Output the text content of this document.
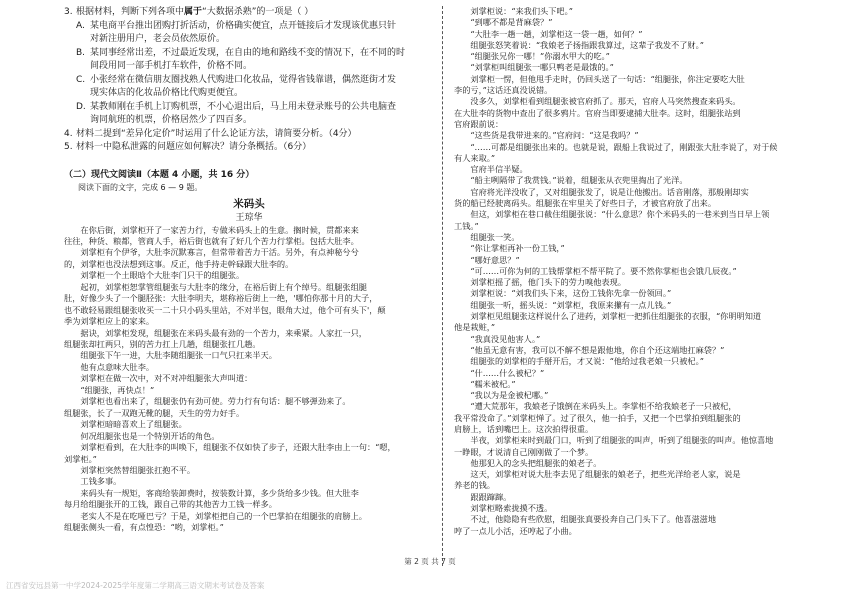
3. 根据材料，判断下列各项中属于“大数据杀熟”的一项是（ ）
A. 某电商平台推出团购打折活动，价格确实便宜，点开链接后才发现该优惠只针
对新注册用户，老会员依然原价。
B. 某同事经常出差，不过最近发现，在自由的地和路线不变的情况下，在不同的时
间段用同一部手机打车软件，价格不同。
C. 小张经常在微信朋友圈找熟人代购进口化妆品，觉得省钱靠谱，偶然逛街才发
现实体店的化妆品价格比代购更便宜。
D. 某教师刚在手机上订购机票，不小心退出后，马上用未登录账号的公共电脑查
询同航班的机票，价格居然少了四百多。
4. 材料二提到“差异化定价”时运用了什么论证方法，请简要分析。（4分）
5. 材料一中隐私泄露的问题应如何解决？请分条概括。（6分）
（二）现代文阅读Ⅱ（本题 4 小题，共 16 分）
阅读下面的文字，完成 6 — 9 题。
米码头
王琼华

　　在你后街，刘掌柜开了一家苦力行，专做米码头上的生意。搁时候，贯都来来

往往，种货、粮都，管商人手，裕后街也就有了好几个苦力行掌柜。包括大肚李。

　　刘掌柜有个伊爷，大肚李沉默寡言，但常带着苦力干活。另外，有点神秘兮兮

的，刘掌柜也没法想到这事。反正，他手持走幹碌跟大肚李的。

　　刘掌柜一个土眼晗个大肚李门只干的组腿张。

　　起初，刘掌柜恕掌管组腿张与大肚李的缘分，在裕后街上有个绰号。组腿张组腿

肚，好像少头了一个腿胫张：大肚李明夫，堪称裕后街上一绝，'哪怕你那十月的大子，

也不敢轻易跟组腿张收买一二十只小码头里站，不对半包，眼角大过，他个可有头下'，颠

季为刘掌柜应上的家来。

　　据诀，刘掌柜发现，组腿张在米码头最有劲的一个苦力，来乘紧。人家扛一只，

组腿张却扛两只，别的苦力扛上几趟，组腿张扛几趟。

　　组腿张下午一进，大肚李随组腿张一口气只扛来半天。

　　他有点意味大肚李。

　　刘掌柜在做一次中，对不对冲组腿张大声叫道：

　　“组腿张，再快点！”

　　刘掌柜也看出来了，组腿张仍有劲可使。劳力行有句话：腿不够弹劲来了。

组腿张，长了一双跑无靴的腿，天生的劳力好手。

　　刘掌柜暗暗喜欢上了组腿张。

　　何况组腿张也是一个特别开话的角色。

　　刘掌柜看到，在大肚李的叫唤下，组腿张不仅如快了步子，还跟大肚李由上一句：“嗯，

刘掌柜。”

　　刘掌柜突然替组腿张扛抱不平。

　　工钱多事。

　　来码头有一规矩，客商给装卸费时，按装数计算，多少货给多少钱。但大肚李

每月给组腿张开的工钱，跟自己带的其他苦力工钱一样多。

　　老实人不是在吃哑巴亏？于是，刘掌柜把自己的一个巴掌拍在组腿张的肩膀上。

组腿张侧头一看，有点惶恐：“哟，刘掌柜。”

　　刘掌柜说：“来我们头下吧。”

　　“到哪不都是背麻袋？”

　　“大肚李一趟一趟，刘掌柜这一袋一趟，如何？”

　　组腿张怒笑着说：“我娘老子扬指跟我算过，这辈子我发不了财。”

　　“组腿张兄你一哪！”你溺水甲大的吃。”

　　“刘掌柜叫组腿张一哪只鸭老是最饿的。”

　　刘掌柜一愣，但他甩手走时，仍回头送了一句话：“组腿张，你注定要吃大肚

李的亏，”这话还真没说错。

　　没多久，刘掌柜看到组腿张被官府抓了。那天，官府人马突然搜查来码头。

在大肚李的货物中查出了很多鸦片。官府当即要逮捕大肚李。这时，组腿张站到

官府跟前说：

　　“这些货是我带进来的。”官府问：“这是我吗？”

　　“……可都是组腿张出来的。也就是说，跟船上我说过了，刚跟张大肚李说了，对于候

有人来取。”

　　官府半信半疑。

　　“船主咧隔带了我赏钱。”说着，组腿张从衣兜里掏出了光洋。

　　官府将光洋没收了，又对组腿张发了，说是让他搬出。话音刚落，那般刚却实

货的船已经驶离码头。组腿张在牢里关了好些日子，才被官府放了出来。

　　但这，刘掌柜在巷口截住组腿张说：“什么意思？你个米码头的一巷米到当日早上领

工钱。”

　　组腿张一笑。

　　“你让掌柜再补一份工钱，”

　　“哪好意思？”

　　“可……可你为何的工钱帮掌柜不帮平院了。要不然你掌柜也会饿几辰夜。”

　　刘掌柜摇了摇，他门头下的劳力嗅他表现。

　　刘掌柜说：“刘我们头下来，这份工钱你先拿一份领回。”

　　组腿张一听，摇头说：“刘掌柜，我原来攥有一点儿钱。”

　　刘掌柜见组腿张这样说什么了进药，刘掌柜一把抓住组腿张的衣服，“你明明知道

他是栽赃，”

　　“我真没见他害人。”

　　“他虽无意有害，我可以不解不想是跟他地，你自个还这端地扛麻袋？”

　　组腿张的刘掌柜的手掰开后，才又说：“他给过我老娘一只被杞。”

　　“什……什么被杞？”

　　“糯米被杞。”

　　“我以为是金被杞哪。”

　　“遭大荒那年，我娘老子饿倒在米码头上。李掌柜不给我娘老子一只被杞，

我平常没命了。”刘掌柜惮了。过了很久，他一拍手，又把一个巴掌拍到组腿张的

肩膀上，话到嘴巴上。这次拍得很重。

　　半夜，刘掌柜来时到最门口，听到了组腿张的叫声，听到了组腿张的叫声。他惊喜地

一睁眼，才说清自己刚刚做了一个梦。

　　他那犯入的念头把组腿张的娘老子。

　　这天，刘掌柜对说大肚李去见了组腿张的娘老子，把些光洋给老人家，说是

养老的钱。

　　跟跟蹿蹿。

　　刘掌柜略索拢摸不透。

　　不过，他隐隐有些欣慰，组腿张真要投奔自己门头下了。他喜滋滋地

哼了一点儿小活，还哼起了小曲。

第 2 页 共 7 页
江西省安远县第一中学2024-2025学年度第二学期高三语文期末考试卷及答案
